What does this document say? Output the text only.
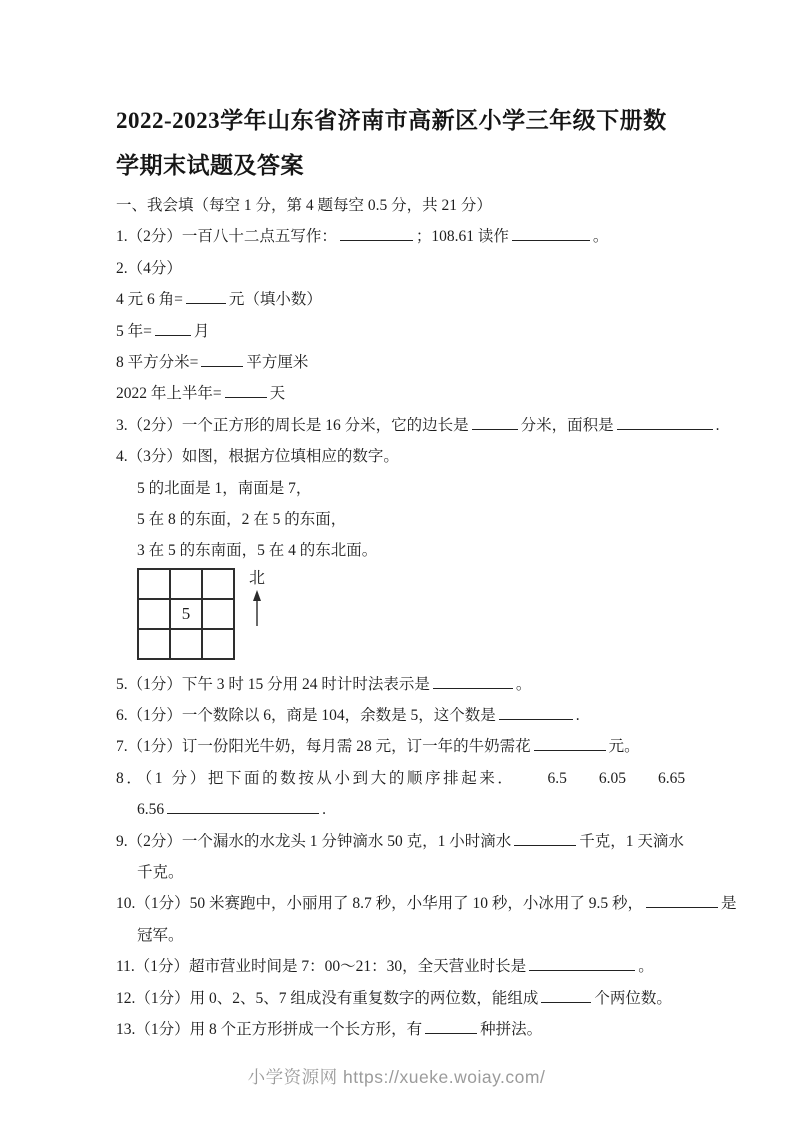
2022-2023学年山东省济南市高新区小学三年级下册数学期末试题及答案
一、我会填（每空 1 分，第 4 题每空 0.5 分，共 21 分）
1.（2分）一百八十二点五写作：	；108.61 读作	。
2.（4分）
4 元 6 角=	元（填小数）
5 年=	月
8 平方分米=	平方厘米
2022 年上半年=	天
3.（2分）一个正方形的周长是 16 分米，它的边长是	分米，面积是	.
4.（3分）如图，根据方位填相应的数字。
5 的北面是 1，南面是 7，
5 在 8 的东面，2 在 5 的东面，
3 在 5 的东南面，5 在 4 的东北面。

	5	

北
5.（1分）下午 3 时 15 分用 24 时计时法表示是	。
6.（1分）一个数除以 6，商是 104，余数是 5，这个数是	.
7.（1分）订一份阳光牛奶，每月需 28 元，订一年的牛奶需花	元。
8．（1 分）把下面的数按从小到大的顺序排起来． 6.5 6.05 6.65
6.56	.
9.（2分）一个漏水的水龙头 1 分钟滴水 50 克，1 小时滴水	千克，1 天滴水
千克。
10.（1分）50 米赛跑中，小丽用了 8.7 秒，小华用了 10 秒，小冰用了 9.5 秒，	是
冠军。
11.（1分）超市营业时间是 7：00～21：30，全天营业时长是	。
12.（1分）用 0、2、5、7 组成没有重复数字的两位数，能组成	个两位数。
13.（1分）用 8 个正方形拼成一个长方形，有	种拼法。
小学资源网 https://xueke.woiay.com/
